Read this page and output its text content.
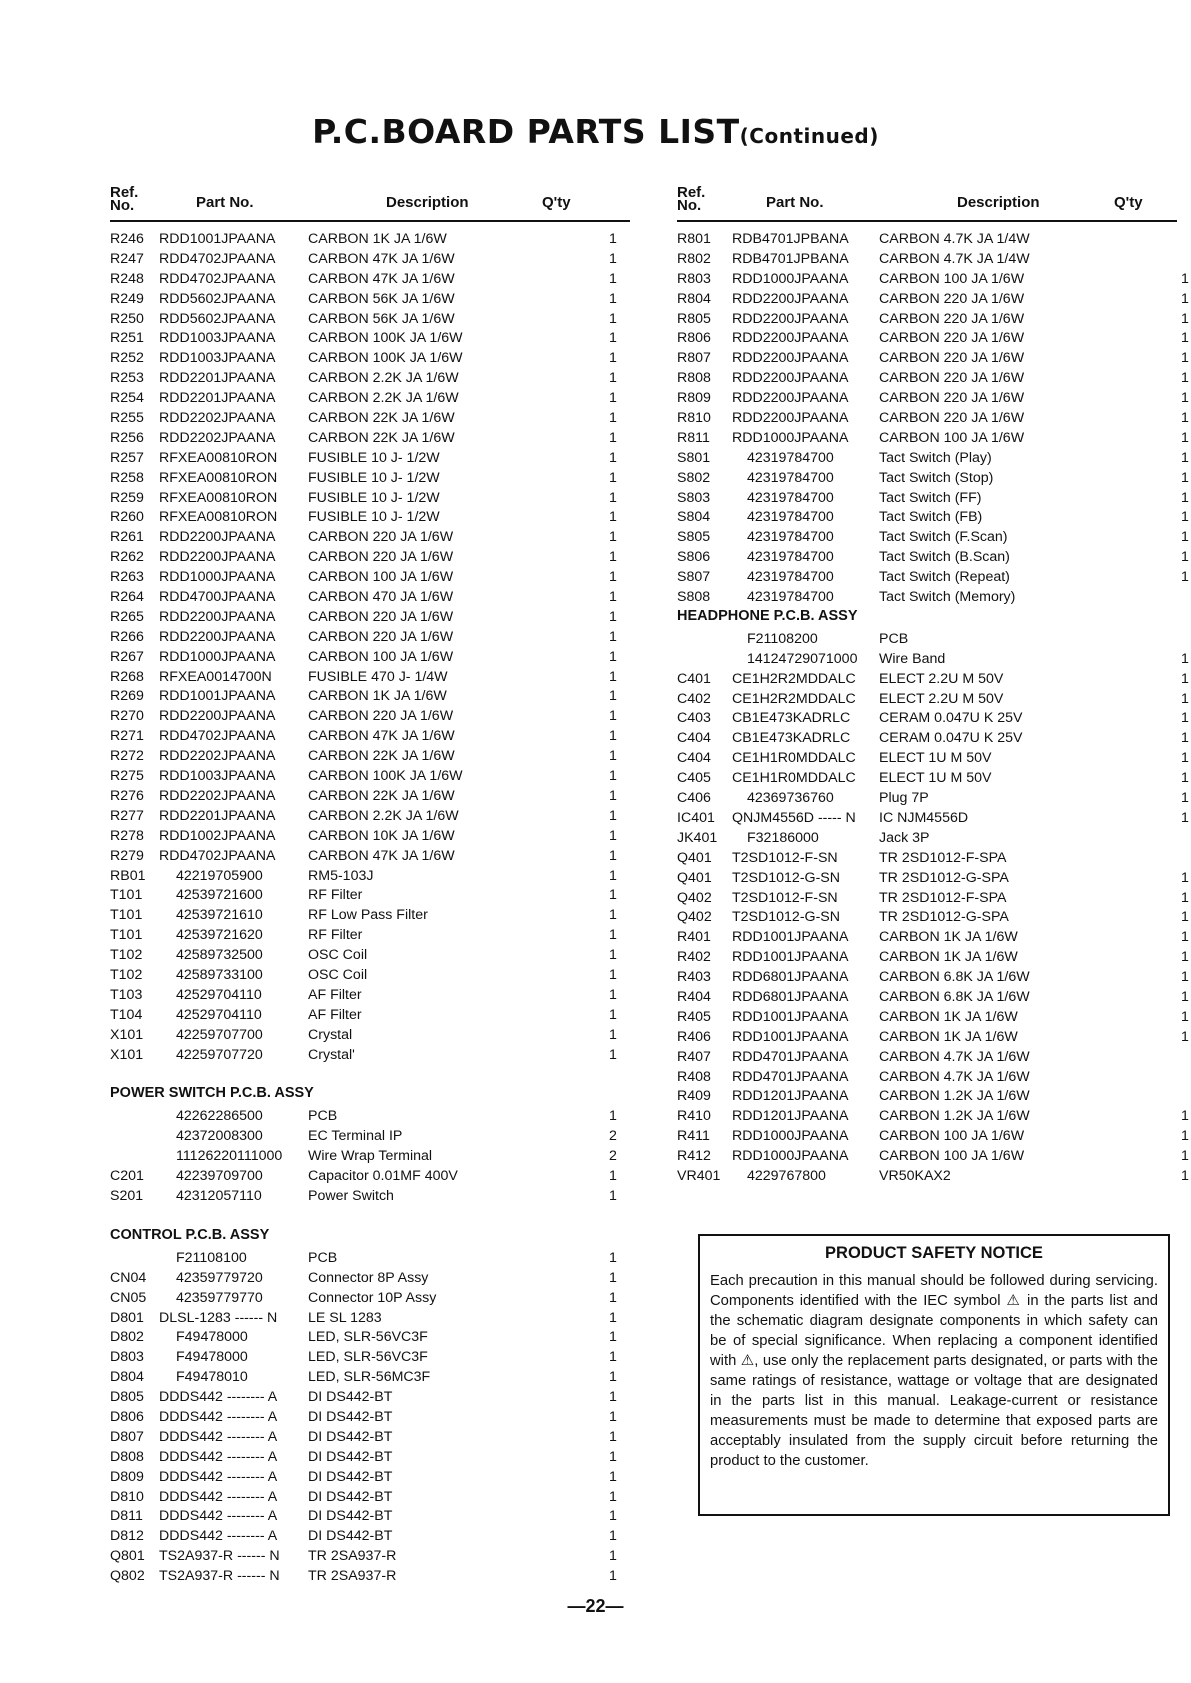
P.C.BOARD PARTS LIST(Continued)
Ref.
No.	Part No.	Description	Q'ty
R246 RDD1001JPAANA CARBON 1K JA 1/6W	1
R247 RDD4702JPAANA CARBON 47K JA 1/6W	1
R248 RDD4702JPAANA CARBON 47K JA 1/6W	1
R249 RDD5602JPAANA CARBON 56K JA 1/6W	1
R250 RDD5602JPAANA CARBON 56K JA 1/6W	1
R251 RDD1003JPAANA CARBON 100K JA 1/6W	1
R252 RDD1003JPAANA CARBON 100K JA 1/6W	1
R253 RDD2201JPAANA CARBON 2.2K JA 1/6W	1
R254 RDD2201JPAANA CARBON 2.2K JA 1/6W	1
R255 RDD2202JPAANA CARBON 22K JA 1/6W	1
R256 RDD2202JPAANA CARBON 22K JA 1/6W	1
R257 RFXEA00810RON FUSIBLE 10 J- 1/2W	1
R258 RFXEA00810RON FUSIBLE 10 J- 1/2W	1
R259 RFXEA00810RON FUSIBLE 10 J- 1/2W	1
R260 RFXEA00810RON FUSIBLE 10 J- 1/2W	1
R261 RDD2200JPAANA CARBON 220 JA 1/6W	1
R262 RDD2200JPAANA CARBON 220 JA 1/6W	1
R263 RDD1000JPAANA CARBON 100 JA 1/6W	1
R264 RDD4700JPAANA CARBON 470 JA 1/6W	1
R265 RDD2200JPAANA CARBON 220 JA 1/6W	1
R266 RDD2200JPAANA CARBON 220 JA 1/6W	1
R267 RDD1000JPAANA CARBON 100 JA 1/6W	1
R268 RFXEA0014700N	FUSIBLE 470 J- 1/4W	1
R269 RDD1001JPAANA CARBON 1K JA 1/6W	1
R270 RDD2200JPAANA CARBON 220 JA 1/6W	1
R271 RDD4702JPAANA CARBON 47K JA 1/6W	1
R272 RDD2202JPAANA CARBON 22K JA 1/6W	1
R275 RDD1003JPAANA CARBON 100K JA 1/6W	1
R276 RDD2202JPAANA CARBON 22K JA 1/6W	1
R277 RDD2201JPAANA CARBON 2.2K JA 1/6W	1
R278 RDD1002JPAANA CARBON 10K JA 1/6W	1
R279 RDD4702JPAANA CARBON 47K JA 1/6W	1
RB01 42219705900	RM5-103J	1
T101 42539721600	RF Filter	1
T101 42539721610	RF Low Pass Filter	1
T101 42539721620	RF Filter	1
T102 42589732500	OSC Coil	1
T102 42589733100	OSC Coil	1
T103 42529704110	AF Filter	1
T104 42529704110	AF Filter	1
X101 42259707700	Crystal	1
X101 42259707720	Crystal'	1
POWER SWITCH P.C.B. ASSY
42262286500	PCB	1
42372008300	EC Terminal IP	2
11126220111000 Wire Wrap Terminal	2
C201 42239709700	Capacitor 0.01MF 400V	1
S201 42312057110	Power Switch	1
CONTROL P.C.B. ASSY
F21108100	PCB	1
CN04 42359779720	Connector 8P Assy	1
CN05 42359779770	Connector 10P Assy	1
D801 DLSL-1283 ------ N LE SL 1283	1
D802 F49478000	LED, SLR-56VC3F	1
D803 F49478000	LED, SLR-56VC3F	1
D804 F49478010	LED, SLR-56MC3F	1
D805 DDDS442 -------- A DI DS442-BT	1
D806 DDDS442 -------- A DI DS442-BT	1
D807 DDDS442 -------- A DI DS442-BT	1
D808 DDDS442 -------- A DI DS442-BT	1
D809 DDDS442 -------- A DI DS442-BT	1
D810 DDDS442 -------- A DI DS442-BT	1
D811 DDDS442 -------- A DI DS442-BT	1
D812 DDDS442 -------- A DI DS442-BT	1
Q801 TS2A937-R ------ N TR 2SA937-R	1
Q802 TS2A937-R ------ N TR 2SA937-R	1
Ref.
No.	Part No.	Description	Q'ty
R801 RDB4701JPBANA CARBON 4.7K JA 1/4W
R802 RDB4701JPBANA CARBON 4.7K JA 1/4W
R803 RDD1000JPAANA CARBON 100 JA 1/6W	1
R804 RDD2200JPAANA CARBON 220 JA 1/6W	1
R805 RDD2200JPAANA CARBON 220 JA 1/6W	1
R806 RDD2200JPAANA CARBON 220 JA 1/6W	1
R807 RDD2200JPAANA CARBON 220 JA 1/6W	1
R808 RDD2200JPAANA CARBON 220 JA 1/6W	1
R809 RDD2200JPAANA CARBON 220 JA 1/6W	1
R810 RDD2200JPAANA CARBON 220 JA 1/6W	1
R811 RDD1000JPAANA CARBON 100 JA 1/6W	1
S801	42319784700	Tact Switch (Play)	1
S802	42319784700	Tact Switch (Stop)	1
S803	42319784700	Tact Switch (FF)	1
S804	42319784700	Tact Switch (FB)	1
S805	42319784700	Tact Switch (F.Scan)	1
S806	42319784700	Tact Switch (B.Scan)	1
S807	42319784700	Tact Switch (Repeat)	1
S808	42319784700	Tact Switch (Memory)
HEADPHONE P.C.B. ASSY
F21108200	PCB
14124729071000 Wire Band	1
C401 CE1H2R2MDDALC ELECT 2.2U M 50V	1
C402 CE1H2R2MDDALC ELECT 2.2U M 50V	1
C403 CB1E473KADRLC CERAM 0.047U K 25V	1
C404 CB1E473KADRLC CERAM 0.047U K 25V	1
C404 CE1H1R0MDDALC ELECT 1U M 50V	1
C405 CE1H1R0MDDALC ELECT 1U M 50V	1
C406	42369736760	Plug 7P	1
IC401 QNJM4556D ----- N IC NJM4556D	1
JK401 F32186000	Jack 3P
Q401 T2SD1012-F-SN	TR 2SD1012-F-SPA
Q401 T2SD1012-G-SN	TR 2SD1012-G-SPA	1
Q402 T2SD1012-F-SN	TR 2SD1012-F-SPA	1
Q402 T2SD1012-G-SN	TR 2SD1012-G-SPA	1
R401 RDD1001JPAANA CARBON 1K JA 1/6W	1
R402 RDD1001JPAANA CARBON 1K JA 1/6W	1
R403 RDD6801JPAANA CARBON 6.8K JA 1/6W	1
R404 RDD6801JPAANA CARBON 6.8K JA 1/6W	1
R405 RDD1001JPAANA CARBON 1K JA 1/6W	1
R406 RDD1001JPAANA CARBON 1K JA 1/6W	1
R407 RDD4701JPAANA CARBON 4.7K JA 1/6W
R408 RDD4701JPAANA CARBON 4.7K JA 1/6W
R409 RDD1201JPAANA CARBON 1.2K JA 1/6W
R410 RDD1201JPAANA CARBON 1.2K JA 1/6W	1
R411 RDD1000JPAANA CARBON 100 JA 1/6W	1
R412 RDD1000JPAANA CARBON 100 JA 1/6W	1
VR401 4229767800	VR50KAX2	1
PRODUCT SAFETY NOTICE

Each precaution in this manual should be followed during servicing. Components identified with the IEC symbol ⚠ in the parts list and the schematic diagram designate components in which safety can be of special significance. When replacing a component identified with ⚠, use only the replacement parts designated, or parts with the same ratings of resistance, wattage or voltage that are designated in the parts list in this manual. Leakage-current or resistance measurements must be made to determine that exposed parts are acceptably insulated from the supply circuit before returning the product to the customer.

—22—
